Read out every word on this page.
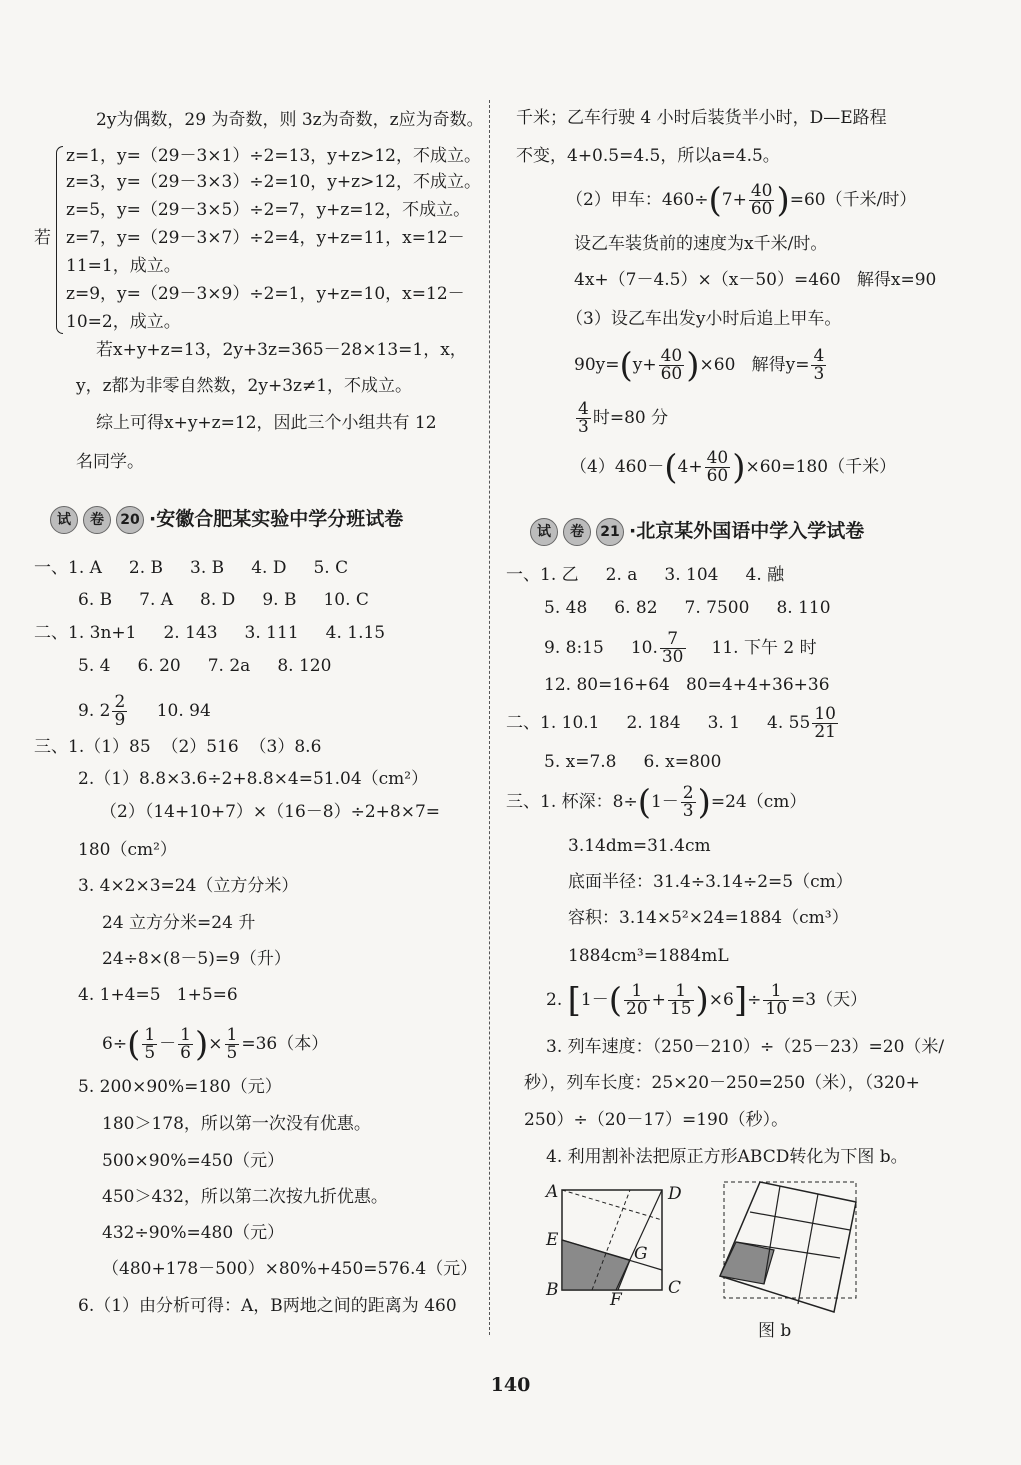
2y为偶数，29 为奇数，则 3z为奇数，z应为奇数。
若
z=1，y=（29－3×1）÷2=13，y+z>12，不成立。
z=3，y=（29－3×3）÷2=10，y+z>12，不成立。
z=5，y=（29－3×5）÷2=7，y+z=12，不成立。
z=7，y=（29－3×7）÷2=4，y+z=11，x=12－
11=1，成立。
z=9，y=（29－3×9）÷2=1，y+z=10，x=12－
10=2，成立。
若x+y+z=13，2y+3z=365－28×13=1，x，
y，z都为非零自然数，2y+3z≠1，不成立。
综上可得x+y+z=12，因此三个小组共有 12
名同学。
试 卷 20 ·安徽合肥某实验中学分班试卷
一、1. A     2. B     3. B     4. D     5. C
6. B     7. A     8. D     9. B     10. C
二、1. 3n+1     2. 143     3. 111     4. 1.15
5. 4     6. 20     7. 2a     8. 120
9. $2 \frac{2}{9} 10$. 94
三、1.（1）85  （2）516  （3）8.6
2.（1）8.8×3.6÷2+8.8×4=51.04（cm²）
（2）（14+10+7）×（16－8）÷2+8×7=
180（cm²）
3. 4×2×3=24（立方分米）
24 立方分米=24 升
24÷8×(8－5)=9（升）
4. 1+4=5   1+5=6
$6\div( \frac{1}{5} - \frac{1}{6}$ )× $\frac{1}{5} =36$（本）
5. 200×90%=180（元）
180＞178，所以第一次没有优惠。
500×90%=450（元）
450＞432，所以第二次按九折优惠。
432÷90%=480（元）
（480+178－500）×80%+450=576.4（元）
6.（1）由分析可得：A，B两地之间的距离为 460
千米；乙车行驶 4 小时后装货半小时，D—E路程
不变，4+0.5=4.5，所以a=4.5。
（2）甲车：$460\div(7+ \frac{40}{60} )=60$（千米/时）
设乙车装货前的速度为x千米/时。
4x+（7－4.5）×（x－50）=460   解得x=90
（3）设乙车出发y小时后追上甲车。
$90y=(y+ \frac{40}{60} )\times 60$   解得$y= \frac{4}{3}$
$\frac{4}{3}$ 时=80 分
$(4)460-(4+ \frac{40}{60} )\times 60=180$（千米）
试 卷 21 ·北京某外国语中学入学试卷
一、1. 乙     2. a     3. 104     4. 融
5. 48     6. 82     7. 7500     8. 110
9. 8:15     10. $\frac{7}{30} 11$. 下午 2 时
12. 80=16+64   80=4+4+36+36
二、1. 10.1     2. 184     3. 1     4. $55 \frac{10}{21}$
5. x=7.8     6. x=800
三、1. 杯深：$8\div(1- \frac{2}{3} )=24(cm)$
3.14dm=31.4cm
底面半径：31.4÷3.14÷2=5（cm）
容积：3.14×5²×24=1884（cm³）
1884cm³=1884mL
2. $[1-( \frac{1}{20} + \frac{1}{15} )\times 6]\div \frac{1}{10} =3$（天）
3. 列车速度：（250－210）÷（25－23）=20（米/
秒），列车长度：25×20－250=250（米），（320+
250）÷（20－17）=190（秒）。
4. 利用割补法把原正方形ABCD转化为下图 b。
A	D
E
G
B	F
C
图 b
140
